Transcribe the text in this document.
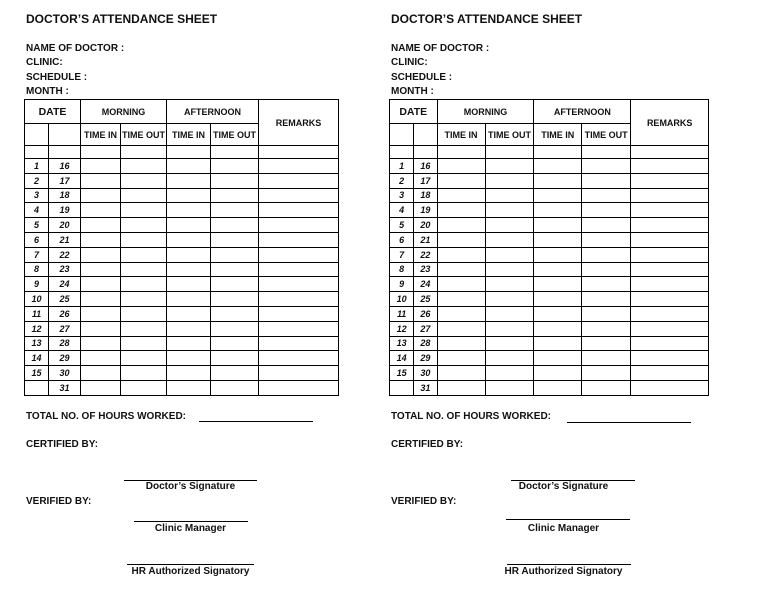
DOCTOR’S ATTENDANCE SHEET
NAME OF DOCTOR :
CLINIC:
SCHEDULE :
MONTH :
DATE		MORNING		AFTERNOON		REMARKS
		TIME IN	TIME OUT	TIME IN	TIME OUT	

1	16					
2	17					
3	18					
4	19					
5	20					
6	21					
7	22					
8	23					
9	24					
10	25					
11	26					
12	27					
13	28					
14	29					
15	30					
	31					
TOTAL NO. OF HOURS WORKED:
CERTIFIED BY:
Doctor’s Signature
VERIFIED BY:
Clinic Manager
HR Authorized Signatory
DOCTOR’S ATTENDANCE SHEET
NAME OF DOCTOR :
CLINIC:
SCHEDULE :
MONTH :
DATE		MORNING		AFTERNOON		REMARKS
		TIME IN	TIME OUT	TIME IN	TIME OUT	

1	16					
2	17					
3	18					
4	19					
5	20					
6	21					
7	22					
8	23					
9	24					
10	25					
11	26					
12	27					
13	28					
14	29					
15	30					
	31					
TOTAL NO. OF HOURS WORKED:
CERTIFIED BY:
Doctor’s Signature
VERIFIED BY:
Clinic Manager
HR Authorized Signatory
